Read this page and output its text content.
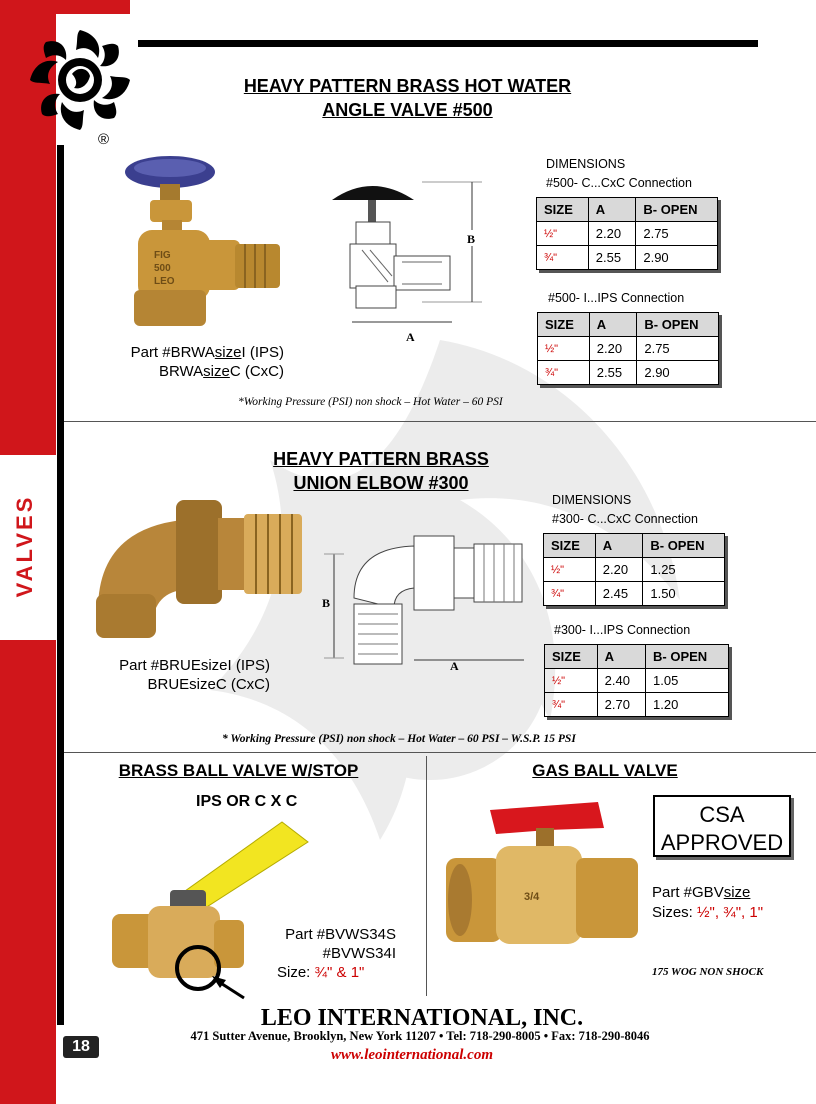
VALVES
®
HEAVY PATTERN BRASS HOT WATER
ANGLE VALVE #500
FIG
500
LEO
Part #BRWAsizeI (IPS)
BRWAsizeC (CxC)
B
A
DIMENSIONS
#500- C...CxC Connection
SIZE	A	B- OPEN
½"	2.20	2.75
¾"	2.55	2.90
#500- I...IPS Connection
SIZE	A	B- OPEN
½"	2.20	2.75
¾"	2.55	2.90
*Working Pressure (PSI) non shock – Hot Water – 60 PSI
HEAVY PATTERN BRASS
UNION ELBOW #300
Part #BRUEsizeI (IPS)
BRUEsizeC (CxC)
B
A
DIMENSIONS
#300- C...CxC Connection
SIZE	A	B- OPEN
½"	2.20	1.25
¾"	2.45	1.50
#300- I...IPS Connection
SIZE	A	B- OPEN
½"	2.40	1.05
¾"	2.70	1.20
* Working Pressure (PSI) non shock – Hot Water – 60 PSI – W.S.P. 15 PSI
BRASS BALL VALVE W/STOP
IPS OR C X C
Part #BVWS34S
#BVWS34I
Size: ¾" & 1"
GAS BALL VALVE
3/4
CSA
APPROVED
Part #GBVsize
Sizes: ½", ¾", 1"
175 WOG NON SHOCK
18
LEO INTERNATIONAL, INC.
471 Sutter Avenue, Brooklyn, New York 11207 • Tel: 718-290-8005 • Fax: 718-290-8046
www.leointernational.com
